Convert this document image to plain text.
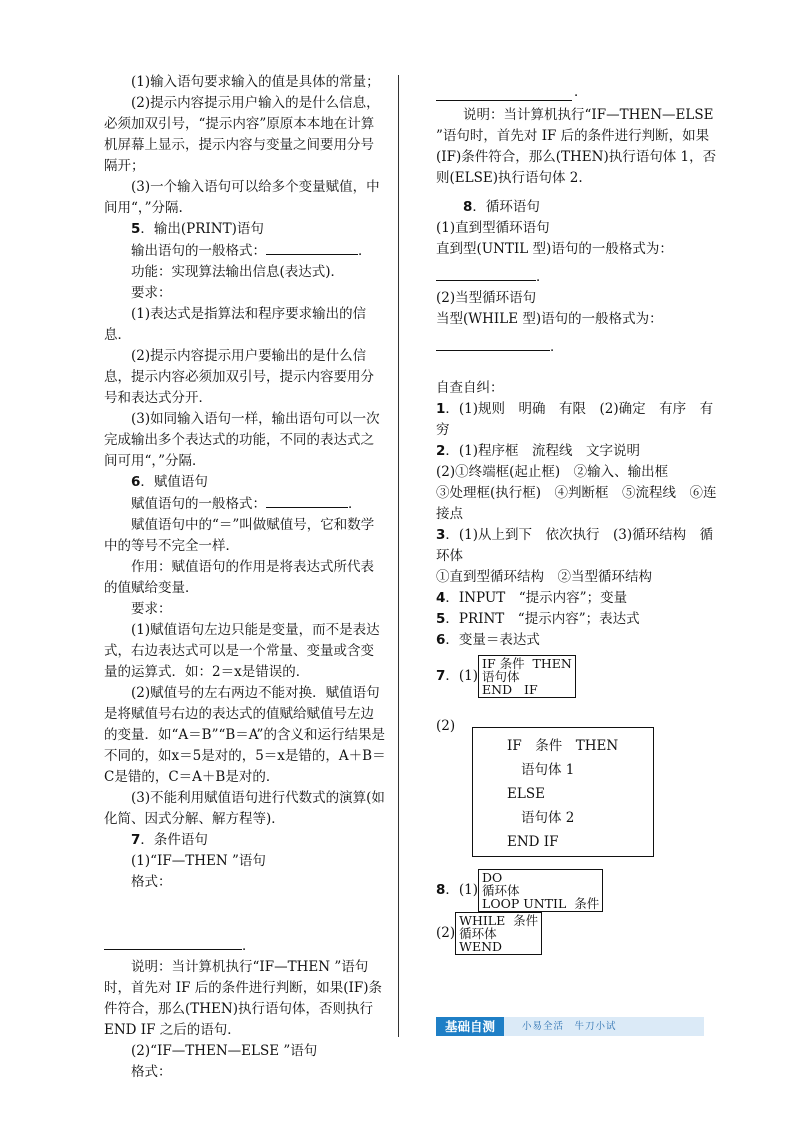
(1)输入语句要求输入的值是具体的常量；

(2)提示内容提示用户输入的是什么信息，必须加双引号，“提示内容”原原本本地在计算机屏幕上显示，提示内容与变量之间要用分号隔开；

(3)一个输入语句可以给多个变量赋值，中间用“，”分隔.

5．输出(PRINT)语句

输出语句的一般格式：	．

功能：实现算法输出信息(表达式)．

要求：

(1)表达式是指算法和程序要求输出的信息．

(2)提示内容提示用户要输出的是什么信息，提示内容必须加双引号，提示内容要用分号和表达式分开．

(3)如同输入语句一样，输出语句可以一次完成输出多个表达式的功能，不同的表达式之间可用“，”分隔．

6．赋值语句

赋值语句的一般格式：	．

赋值语句中的“＝”叫做赋值号，它和数学中的等号不完全一样．

作用：赋值语句的作用是将表达式所代表的值赋给变量．

要求：

(1)赋值语句左边只能是变量，而不是表达式，右边表达式可以是一个常量、变量或含变量的运算式．如：2＝x是错误的．

(2)赋值号的左右两边不能对换．赋值语句是将赋值号右边的表达式的值赋给赋值号左边的变量．如“A＝B”“B＝A”的含义和运行结果是不同的，如x＝5是对的，5＝x是错的，A＋B＝C是错的，C＝A＋B是对的．

(3)不能利用赋值语句进行代数式的演算(如化简、因式分解、解方程等)．

7．条件语句

(1)“IF—THEN ”语句

格式：

．

说明：当计算机执行“IF—THEN ”语句时，首先对 IF 后的条件进行判断，如果(IF)条件符合，那么(THEN)执行语句体，否则执行 END IF 之后的语句．

(2)“IF—THEN—ELSE ”语句

格式：

．

说明：当计算机执行“IF—THEN—ELSE ”语句时，首先对 IF 后的条件进行判断，如果(IF)条件符合，那么(THEN)执行语句体 1，否则(ELSE)执行语句体 2.

8．循环语句

(1)直到型循环语句

直到型(UNTIL 型)语句的一般格式为：

．

(2)当型循环语句

当型(WHILE 型)语句的一般格式为：

．

自查自纠：

1．(1)规则　明确　有限　(2)确定　有序　有穷

2．(1)程序框　流程线　文字说明

(2)①终端框(起止框)　②输入、输出框

③处理框(执行框)　④判断框　⑤流程线　⑥连接点

3．(1)从上到下　依次执行　(3)循环结构　循环体

①直到型循环结构　②当型循环结构

4．INPUT　“提示内容”；变量

5．PRINT　“提示内容”；表达式

6．变量＝表达式

7．(1)IF 条件  THEN
语句体
END   IF

(2)

IF　条件　THEN
语句体 1
ELSE
语句体 2
END IF

8．(1)DO
循环体
LOOP UNTIL  条件

(2)WHILE  条件
循环体
WEND

基础自测	小易全活　牛刀小试
